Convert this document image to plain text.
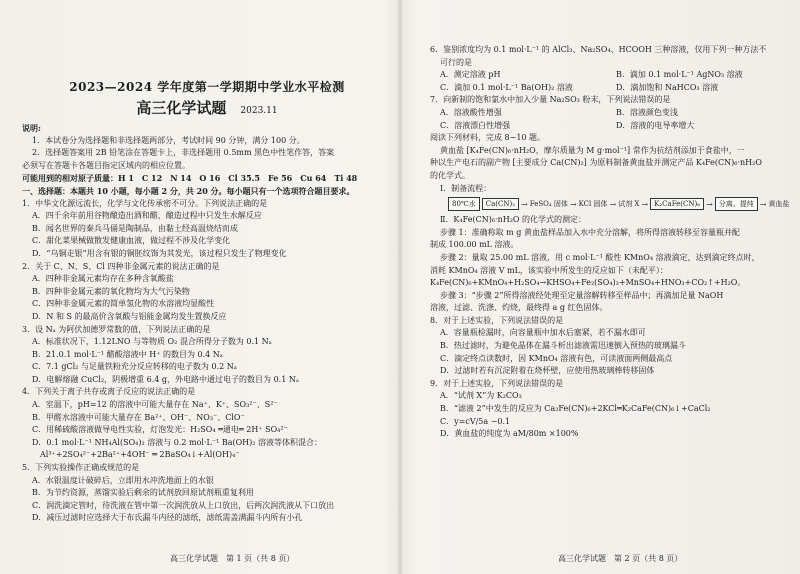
2023—2024 学年度第一学期期中学业水平检测
高三化学试题 2023.11
说明:
1．本试卷分为选择题和非选择题两部分，考试时间 90 分钟，满分 100 分。
2．选择题答案用 2B 铅笔涂在答题卡上，非选择题用 0.5mm 黑色中性笔作答，答案
必须写在答题卡各题目指定区域内的相应位置。
可能用到的相对原子质量：H 1　C 12　N 14　O 16　Cl 35.5　Fe 56　Cu 64　Ti 48
一、选择题：本题共 10 小题，每小题 2 分，共 20 分。每小题只有一个选项符合题目要求。
1．中华文化源远流长，化学与文化传承密不可分。下列说法正确的是
A．四千余年前用谷物酿造出酒和醋，酿造过程中只发生水解反应
B．闻名世界的秦兵马俑是陶制品，由黏土经高温烧结而成
C．甜化菜果械做散发健康血液，做过程不涉及化学变化
D．“乌铜走银”用含有银的铜胚纹饰为其发光，该过程只发生了物理变化
2．关于 C、N、S、Cl 四种非金属元素的说法正确的是
A．四种非金属元素均存在多种含氧酸盐
B．四种非金属元素的氧化物均为大气污染物
C．四种非金属元素的简单氢化物的水溶液均显酸性
D．N 和 S 的最高价含氧酸与铝能金属均发生置换反应
3．设 Nₐ 为阿伏加德罗常数的值，下列说法正确的是
A．标准状况下，1.12LNO 与等物质 O₂ 混合所得分子数为 0.1 Nₐ
B．21.0.1 mol·L⁻¹ 醋酸溶液中 H⁺ 的数目为 0.4 Nₐ
C．7.1 gCl₂ 与足量铁粉充分反应转移的电子数为 0.2 Nₐ
D．电解熔融 CuCl₂，阴极增重 6.4 g，外电路中通过电子的数目为 0.1 Nₐ
4．下列关于离子共存或离子反应的说法正确的是
A．室温下，pH=12 的溶液中可能大量存在 Na⁺、K⁺、SO₃²⁻、S²⁻
B．甲醛水溶液中可能大量存在 Ba²⁺、OH⁻、NO₃⁻、ClO⁻
C．用稀硫酸溶液做导电性实验，灯泡发光：H₂SO₄ ═通电═ 2H⁺ SO₄²⁻
D．0.1 mol·L⁻¹ NH₄Al(SO₄)₂ 溶液与 0.2 mol·L⁻¹ Ba(OH)₂ 溶液等体积混合：
Al³⁺+2SO₄²⁻+2Ba²⁺+4OH⁻ ═ 2BaSO₄↓+Al(OH)₄⁻
5．下列实验操作正确或规范的是
A．水银温度计破碎后，立即用水冲洗地面上的水银
B．为节约资源，蒸馏实验后剩余的试剂放回原试剂瓶重复利用
C．润洗滴定管时，待洗液在管中第一次润洗放从上口放出，后两次润洗液从下口放出
D．减压过滤时应选择大于布氏漏斗内径的滤纸，滤纸需盖满漏斗内所有小孔
高三化学试题　第 1 页（共 8 页）
6．鉴别浓度均为 0.1 mol·L⁻¹ 的 AlCl₃、Na₂SO₄、HCOOH 三种溶液，仅用下列一种方法不
可行的是
A．测定溶液 pH	B．滴加 0.1 mol·L⁻¹ AgNO₃ 溶液
C．滴加 0.1 mol·L⁻¹ Ba(OH)₂ 溶液	D．滴加饱和 NaHCO₃ 溶液
7．向新制的饱和氯水中加入少量 Na₂SO₃ 粉末，下列说法错误的是
A．溶液酸性增强	B．溶液颜色变浅
C．溶液漂白性增强	D．溶液的电导率增大
阅读下列材料，完成 8~10 题。
黄血盐 [K₄Fe(CN)₆·nH₂O，摩尔质量为 M g·mol⁻¹] 常作为抗结剂添加于食盐中，一
种以生产电石的副产物 [主要成分 Ca(CN)₂] 为原料制备黄血盐并测定产品 K₄Fe(CN)₆·nH₂O
的化学式。
Ⅰ．制备流程：
80℃水	Ca(CN)₂ → FeSO₄ 固体 → KCl 固体 → 试剂 X → K₂CaFe(CN)₆ → 分离、提纯 → 黄血盐
Ⅱ．K₄Fe(CN)₆·nH₂O 的化学式的测定：
步骤 1：准确称取 m g 黄血盐样品加入水中充分溶解，将所得溶液转移至容量瓶并配
制成 100.00 mL 溶液。
步骤 2：量取 25.00 mL 溶液，用 c mol·L⁻¹ 酸性 KMnO₄ 溶液滴定，达到滴定终点时，
消耗 KMnO₄ 溶液 V mL，该实验中所发生的反应如下（未配平）：
K₄Fe(CN)₆+KMnO₄+H₂SO₄→KHSO₄+Fe₂(SO₄)₃+MnSO₄+HNO₃+CO₂↑+H₂O。
步骤 3：“步骤 2”所得溶液经处理至定量溶解转移至样品中；再滴加足量 NaOH
溶液，过滤、洗涤、灼烧，最终得 a g 红色固体。
8．对于上述实验，下列说法错误的是
A．容量瓶检漏时，向容量瓶中加水后塞紧，若不漏水即可
B．热过滤时，为避免晶体在漏斗析出滤液需迅速倒入预热的玻璃漏斗
C．滴定终点读数时，因 KMnO₄ 溶液有色，可读液面两侧最高点
D．过滤时若有沉淀附着在烧杯壁，应使用热玻璃棒转移固体
9．对于上述实验，下列说法错误的是
A．“试剂 X”为 K₂CO₃
B．“滤液 2”中发生的反应为 Ca₂Fe(CN)₆+2KCl═K₂CaFe(CN)₆↓+CaCl₂
C．y=cV/5a −0.1
D．黄血盐的纯度为 aM/80m ×100%
高三化学试题　第 2 页（共 8 页）
